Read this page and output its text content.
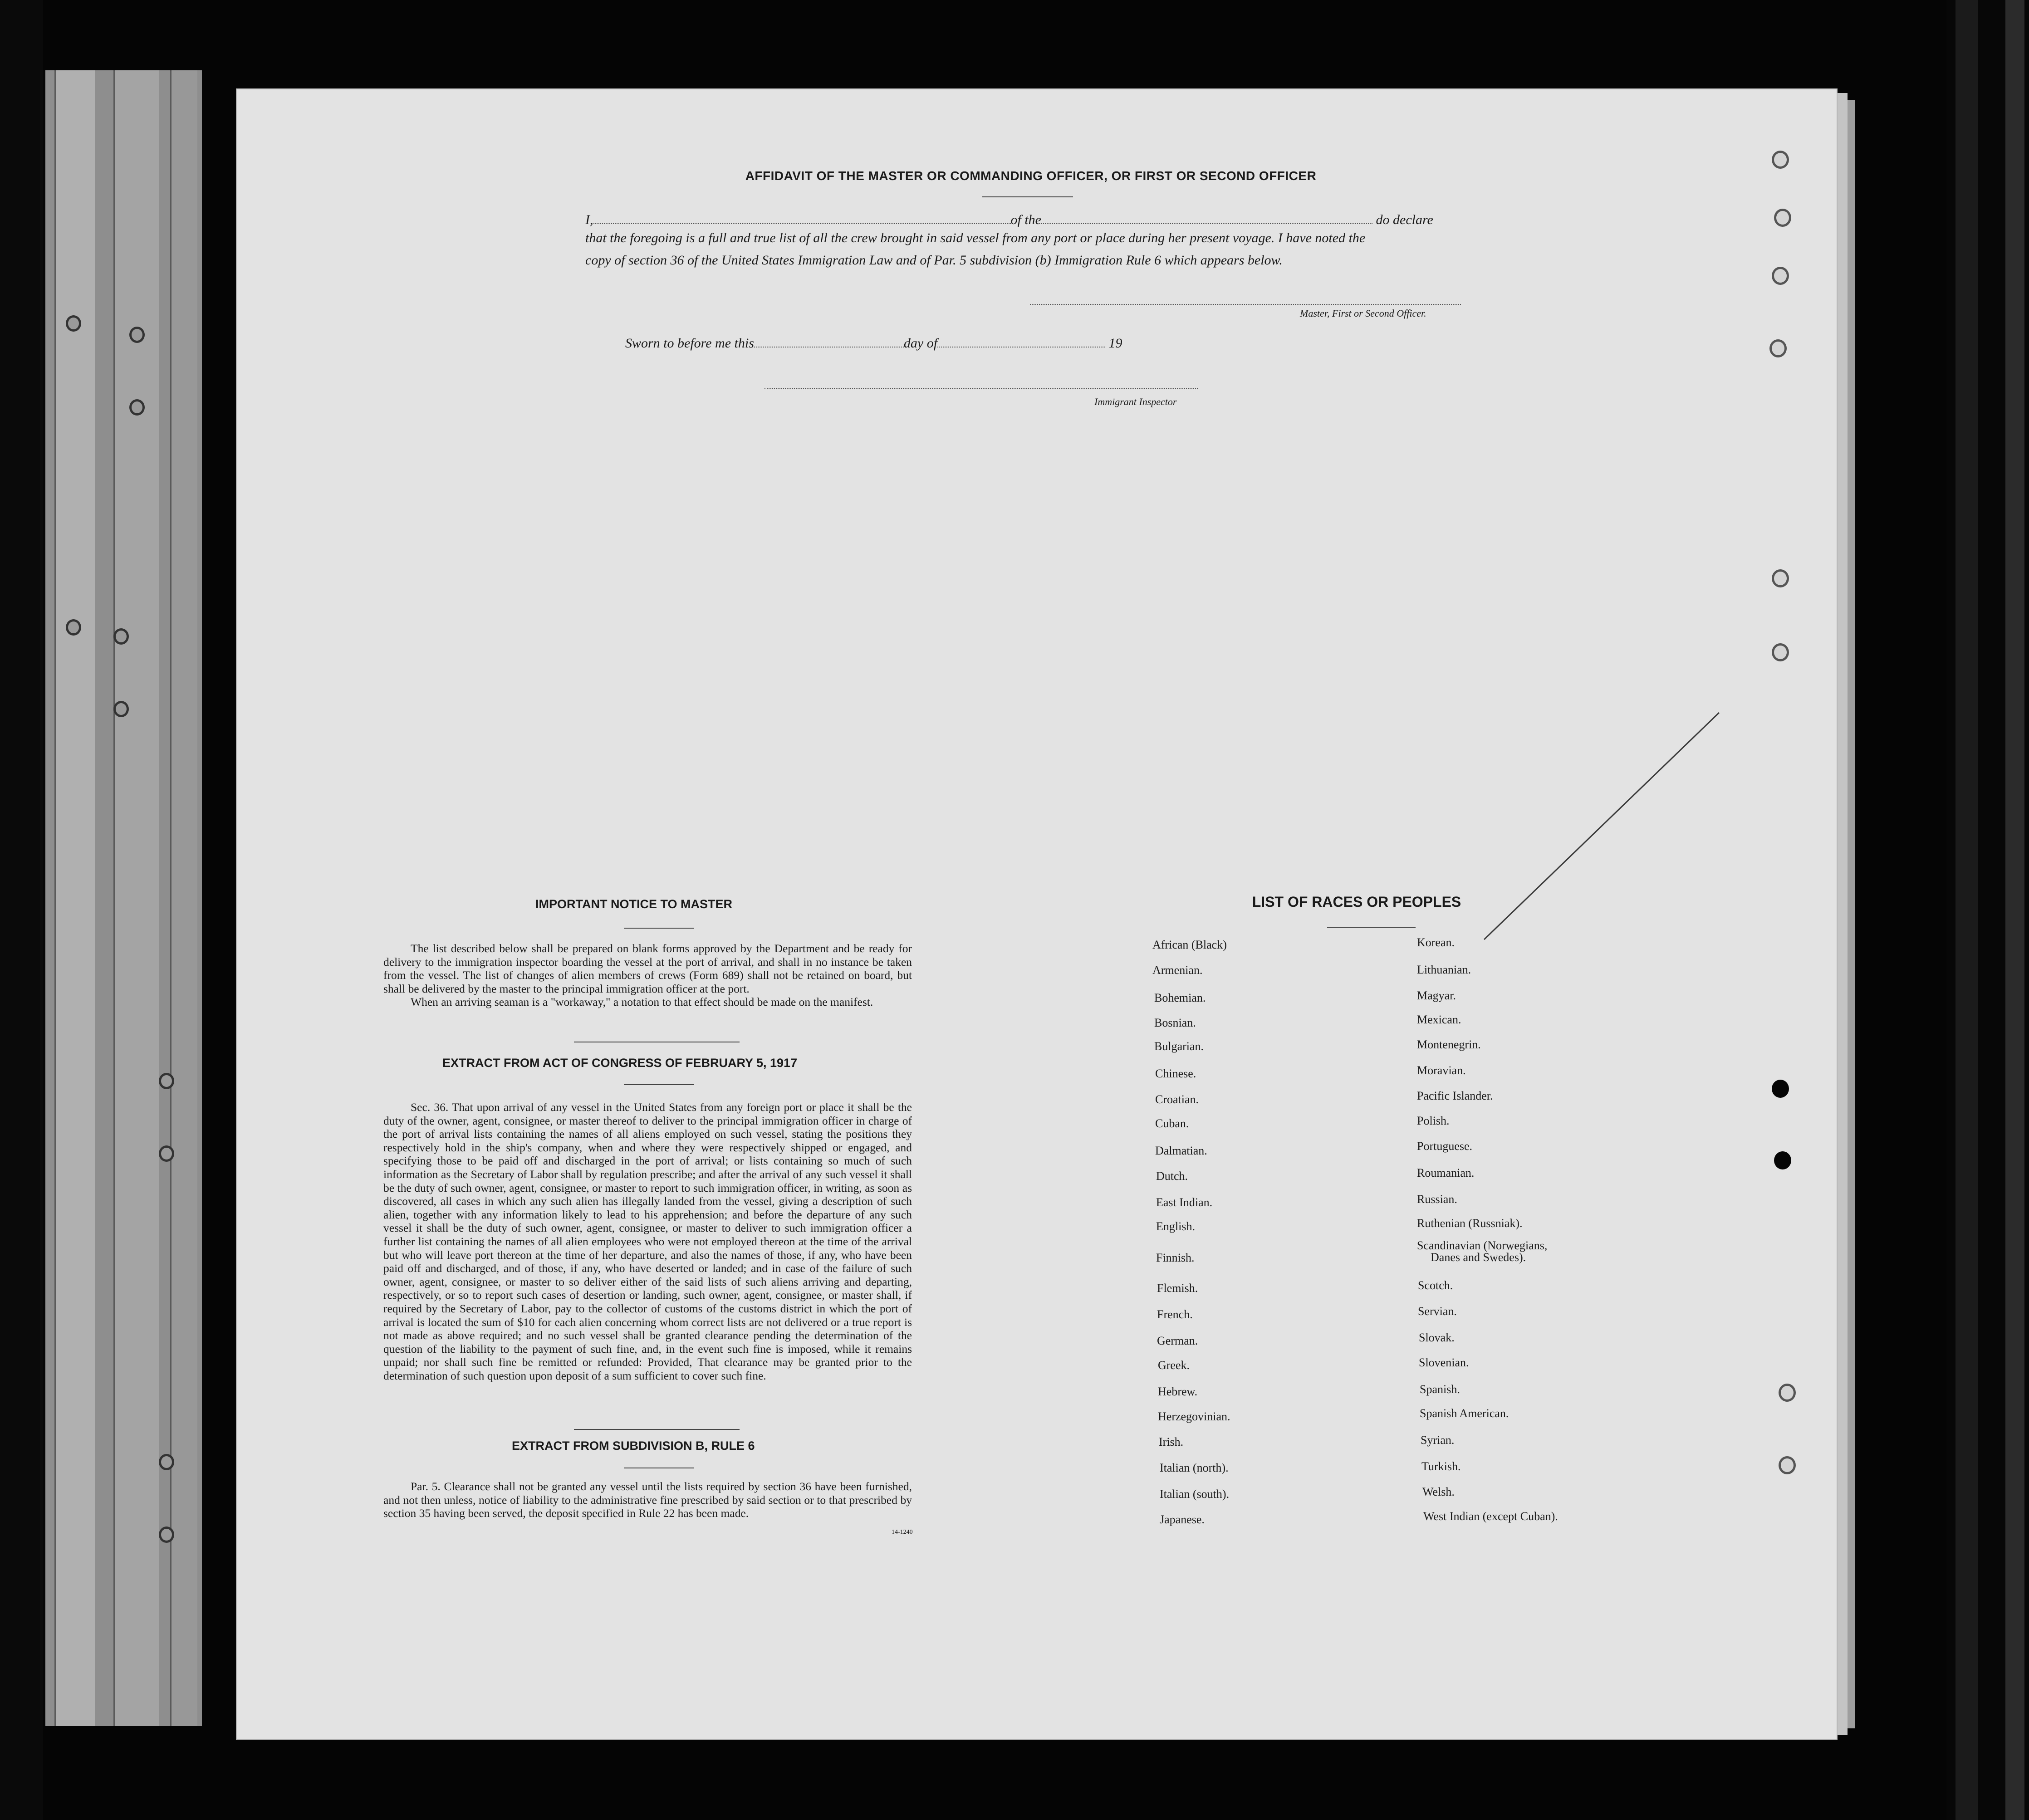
AFFIDAVIT OF THE MASTER OR COMMANDING OFFICER, OR FIRST OR SECOND OFFICER
I,	of the	do declare
that the foregoing is a full and true list of all the crew brought in said vessel from any port or place during her present voyage. I have noted the
copy of section 36 of the United States Immigration Law and of Par. 5 subdivision (b) Immigration Rule 6 which appears below.
Master, First or Second Officer.
Sworn to before me this	day of	19
Immigrant Inspector
IMPORTANT NOTICE TO MASTER

The list described below shall be prepared on blank forms approved by the Department and be ready for delivery to the immigration inspector boarding the vessel at the port of arrival, and shall in no instance be taken from the vessel. The list of changes of alien members of crews (Form 689) shall not be retained on board, but shall be delivered by the master to the principal immigration officer at the port.

When an arriving seaman is a "workaway," a notation to that effect should be made on the manifest.

EXTRACT FROM ACT OF CONGRESS OF FEBRUARY 5, 1917

Sec. 36. That upon arrival of any vessel in the United States from any foreign port or place it shall be the duty of the owner, agent, consignee, or master thereof to deliver to the principal immigration officer in charge of the port of arrival lists containing the names of all aliens employed on such vessel, stating the positions they respectively hold in the ship's company, when and where they were respectively shipped or engaged, and specifying those to be paid off and discharged in the port of arrival; or lists containing so much of such information as the Secretary of Labor shall by regulation prescribe; and after the arrival of any such vessel it shall be the duty of such owner, agent, consignee, or master to report to such immigration officer, in writing, as soon as discovered, all cases in which any such alien has illegally landed from the vessel, giving a description of such alien, together with any information likely to lead to his apprehension; and before the departure of any such vessel it shall be the duty of such owner, agent, consignee, or master to deliver to such immigration officer a further list containing the names of all alien employees who were not employed thereon at the time of the arrival but who will leave port thereon at the time of her departure, and also the names of those, if any, who have been paid off and discharged, and of those, if any, who have deserted or landed; and in case of the failure of such owner, agent, consignee, or master to so deliver either of the said lists of such aliens arriving and departing, respectively, or so to report such cases of desertion or landing, such owner, agent, consignee, or master shall, if required by the Secretary of Labor, pay to the collector of customs of the customs district in which the port of arrival is located the sum of $10 for each alien concerning whom correct lists are not delivered or a true report is not made as above required; and no such vessel shall be granted clearance pending the determination of the question of the liability to the payment of such fine, and, in the event such fine is imposed, while it remains unpaid; nor shall such fine be remitted or refunded: Provided, That clearance may be granted prior to the determination of such question upon deposit of a sum sufficient to cover such fine.

EXTRACT FROM SUBDIVISION B, RULE 6

Par. 5. Clearance shall not be granted any vessel until the lists required by section 36 have been furnished, and not then unless, notice of liability to the administrative fine prescribed by said section or to that prescribed by section 35 having been served, the deposit specified in Rule 22 has been made.

14-1240
LIST OF RACES OR PEOPLES
African (Black)
Armenian.
Bohemian.
Bosnian.
Bulgarian.
Chinese.
Croatian.
Cuban.
Dalmatian.
Dutch.
East Indian.
English.
Finnish.
Flemish.
French.
German.
Greek.
Hebrew.
Herzegovinian.
Irish.
Italian (north).
Italian (south).
Japanese.
Korean.
Lithuanian.
Magyar.
Mexican.
Montenegrin.
Moravian.
Pacific Islander.
Polish.
Portuguese.
Roumanian.
Russian.
Ruthenian (Russniak).
Scandinavian (Norwegians,
Danes and Swedes).
Scotch.
Servian.
Slovak.
Slovenian.
Spanish.
Spanish American.
Syrian.
Turkish.
Welsh.
West Indian (except Cuban).
